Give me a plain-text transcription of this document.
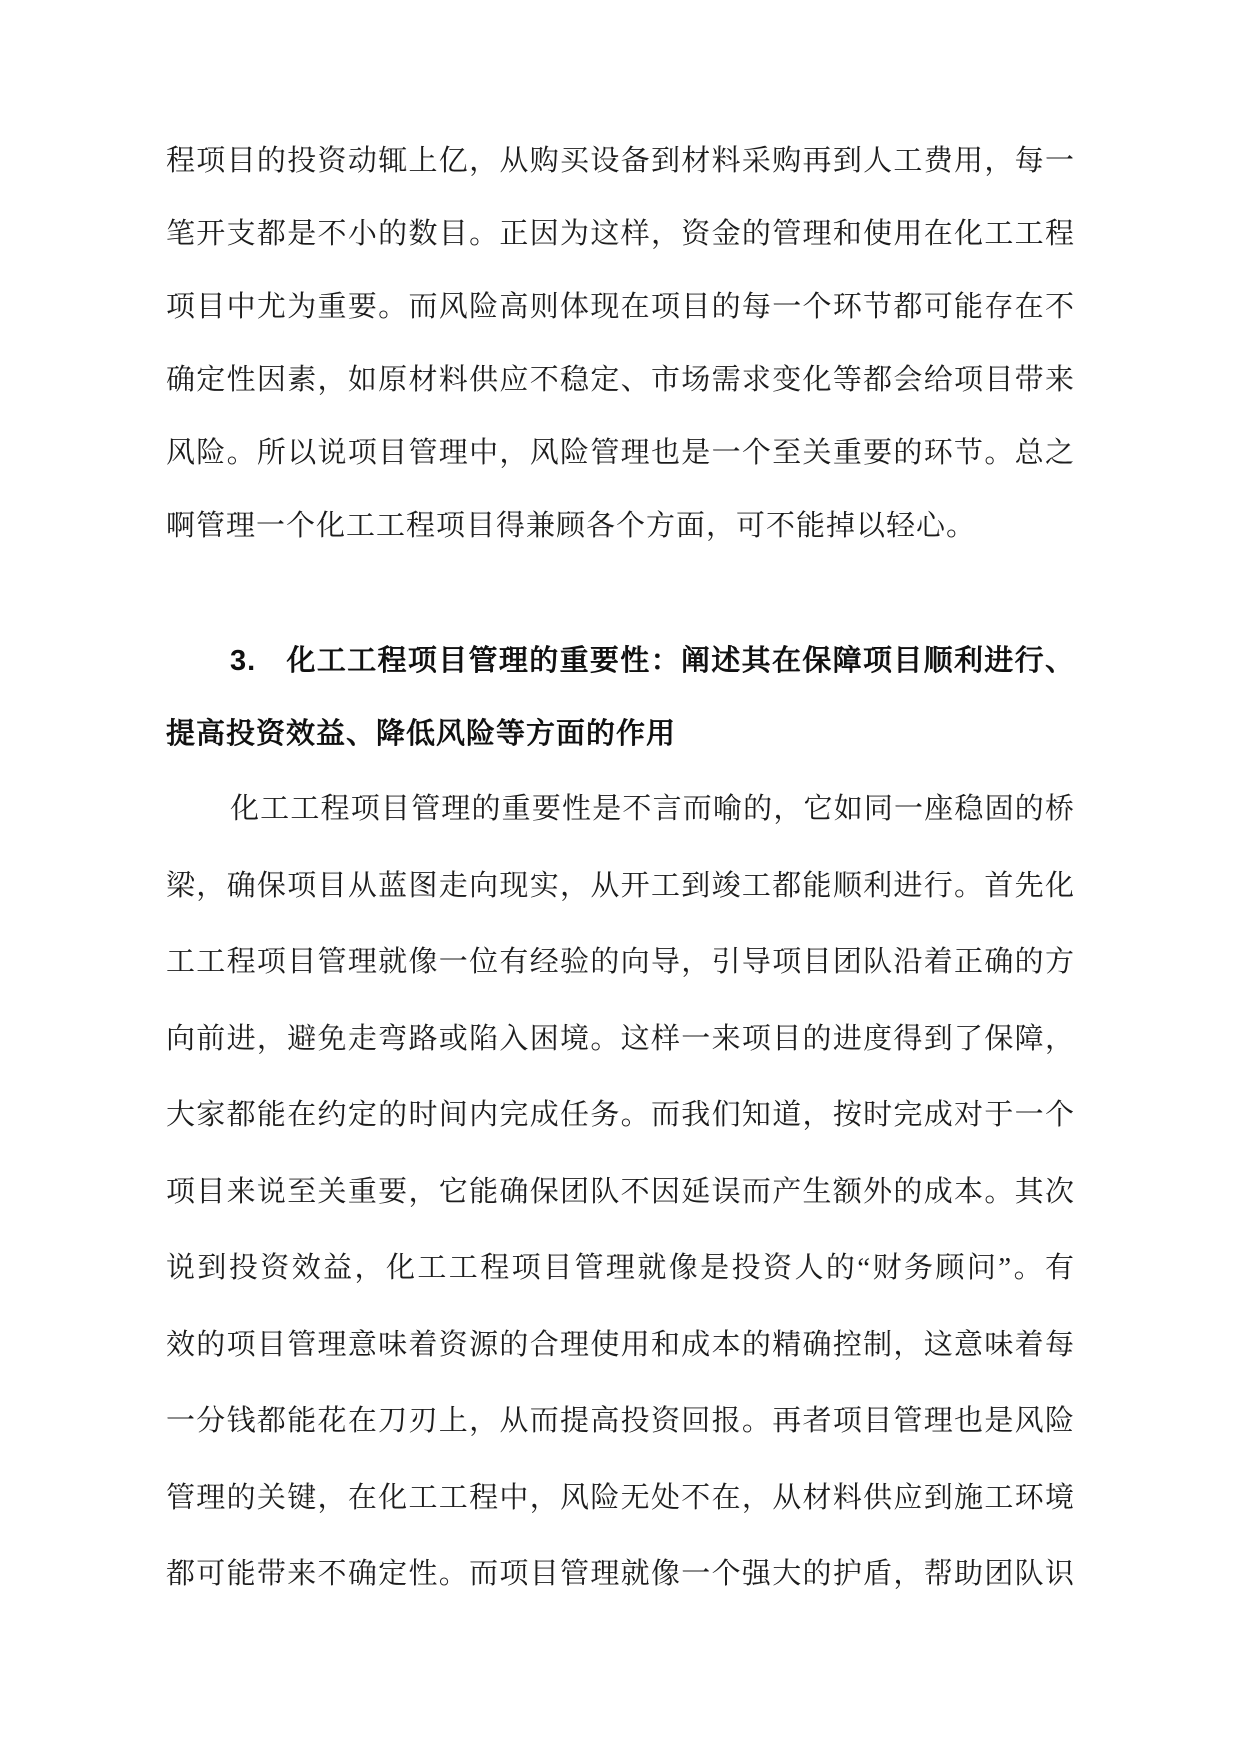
程项目的投资动辄上亿，从购买设备到材料采购再到人工费用，每一
笔开支都是不小的数目。正因为这样，资金的管理和使用在化工工程
项目中尤为重要。而风险高则体现在项目的每一个环节都可能存在不
确定性因素，如原材料供应不稳定、市场需求变化等都会给项目带来
风险。所以说项目管理中，风险管理也是一个至关重要的环节。总之
啊管理一个化工工程项目得兼顾各个方面，可不能掉以轻心。
3. 化工工程项目管理的重要性：阐述其在保障项目顺利进行、
提高投资效益、降低风险等方面的作用
化工工程项目管理的重要性是不言而喻的，它如同一座稳固的桥
梁，确保项目从蓝图走向现实，从开工到竣工都能顺利进行。首先化
工工程项目管理就像一位有经验的向导，引导项目团队沿着正确的方
向前进，避免走弯路或陷入困境。这样一来项目的进度得到了保障，
大家都能在约定的时间内完成任务。而我们知道，按时完成对于一个
项目来说至关重要，它能确保团队不因延误而产生额外的成本。其次
说到投资效益，化工工程项目管理就像是投资人的“财务顾问”。有
效的项目管理意味着资源的合理使用和成本的精确控制，这意味着每
一分钱都能花在刀刃上，从而提高投资回报。再者项目管理也是风险
管理的关键，在化工工程中，风险无处不在，从材料供应到施工环境
都可能带来不确定性。而项目管理就像一个强大的护盾，帮助团队识
